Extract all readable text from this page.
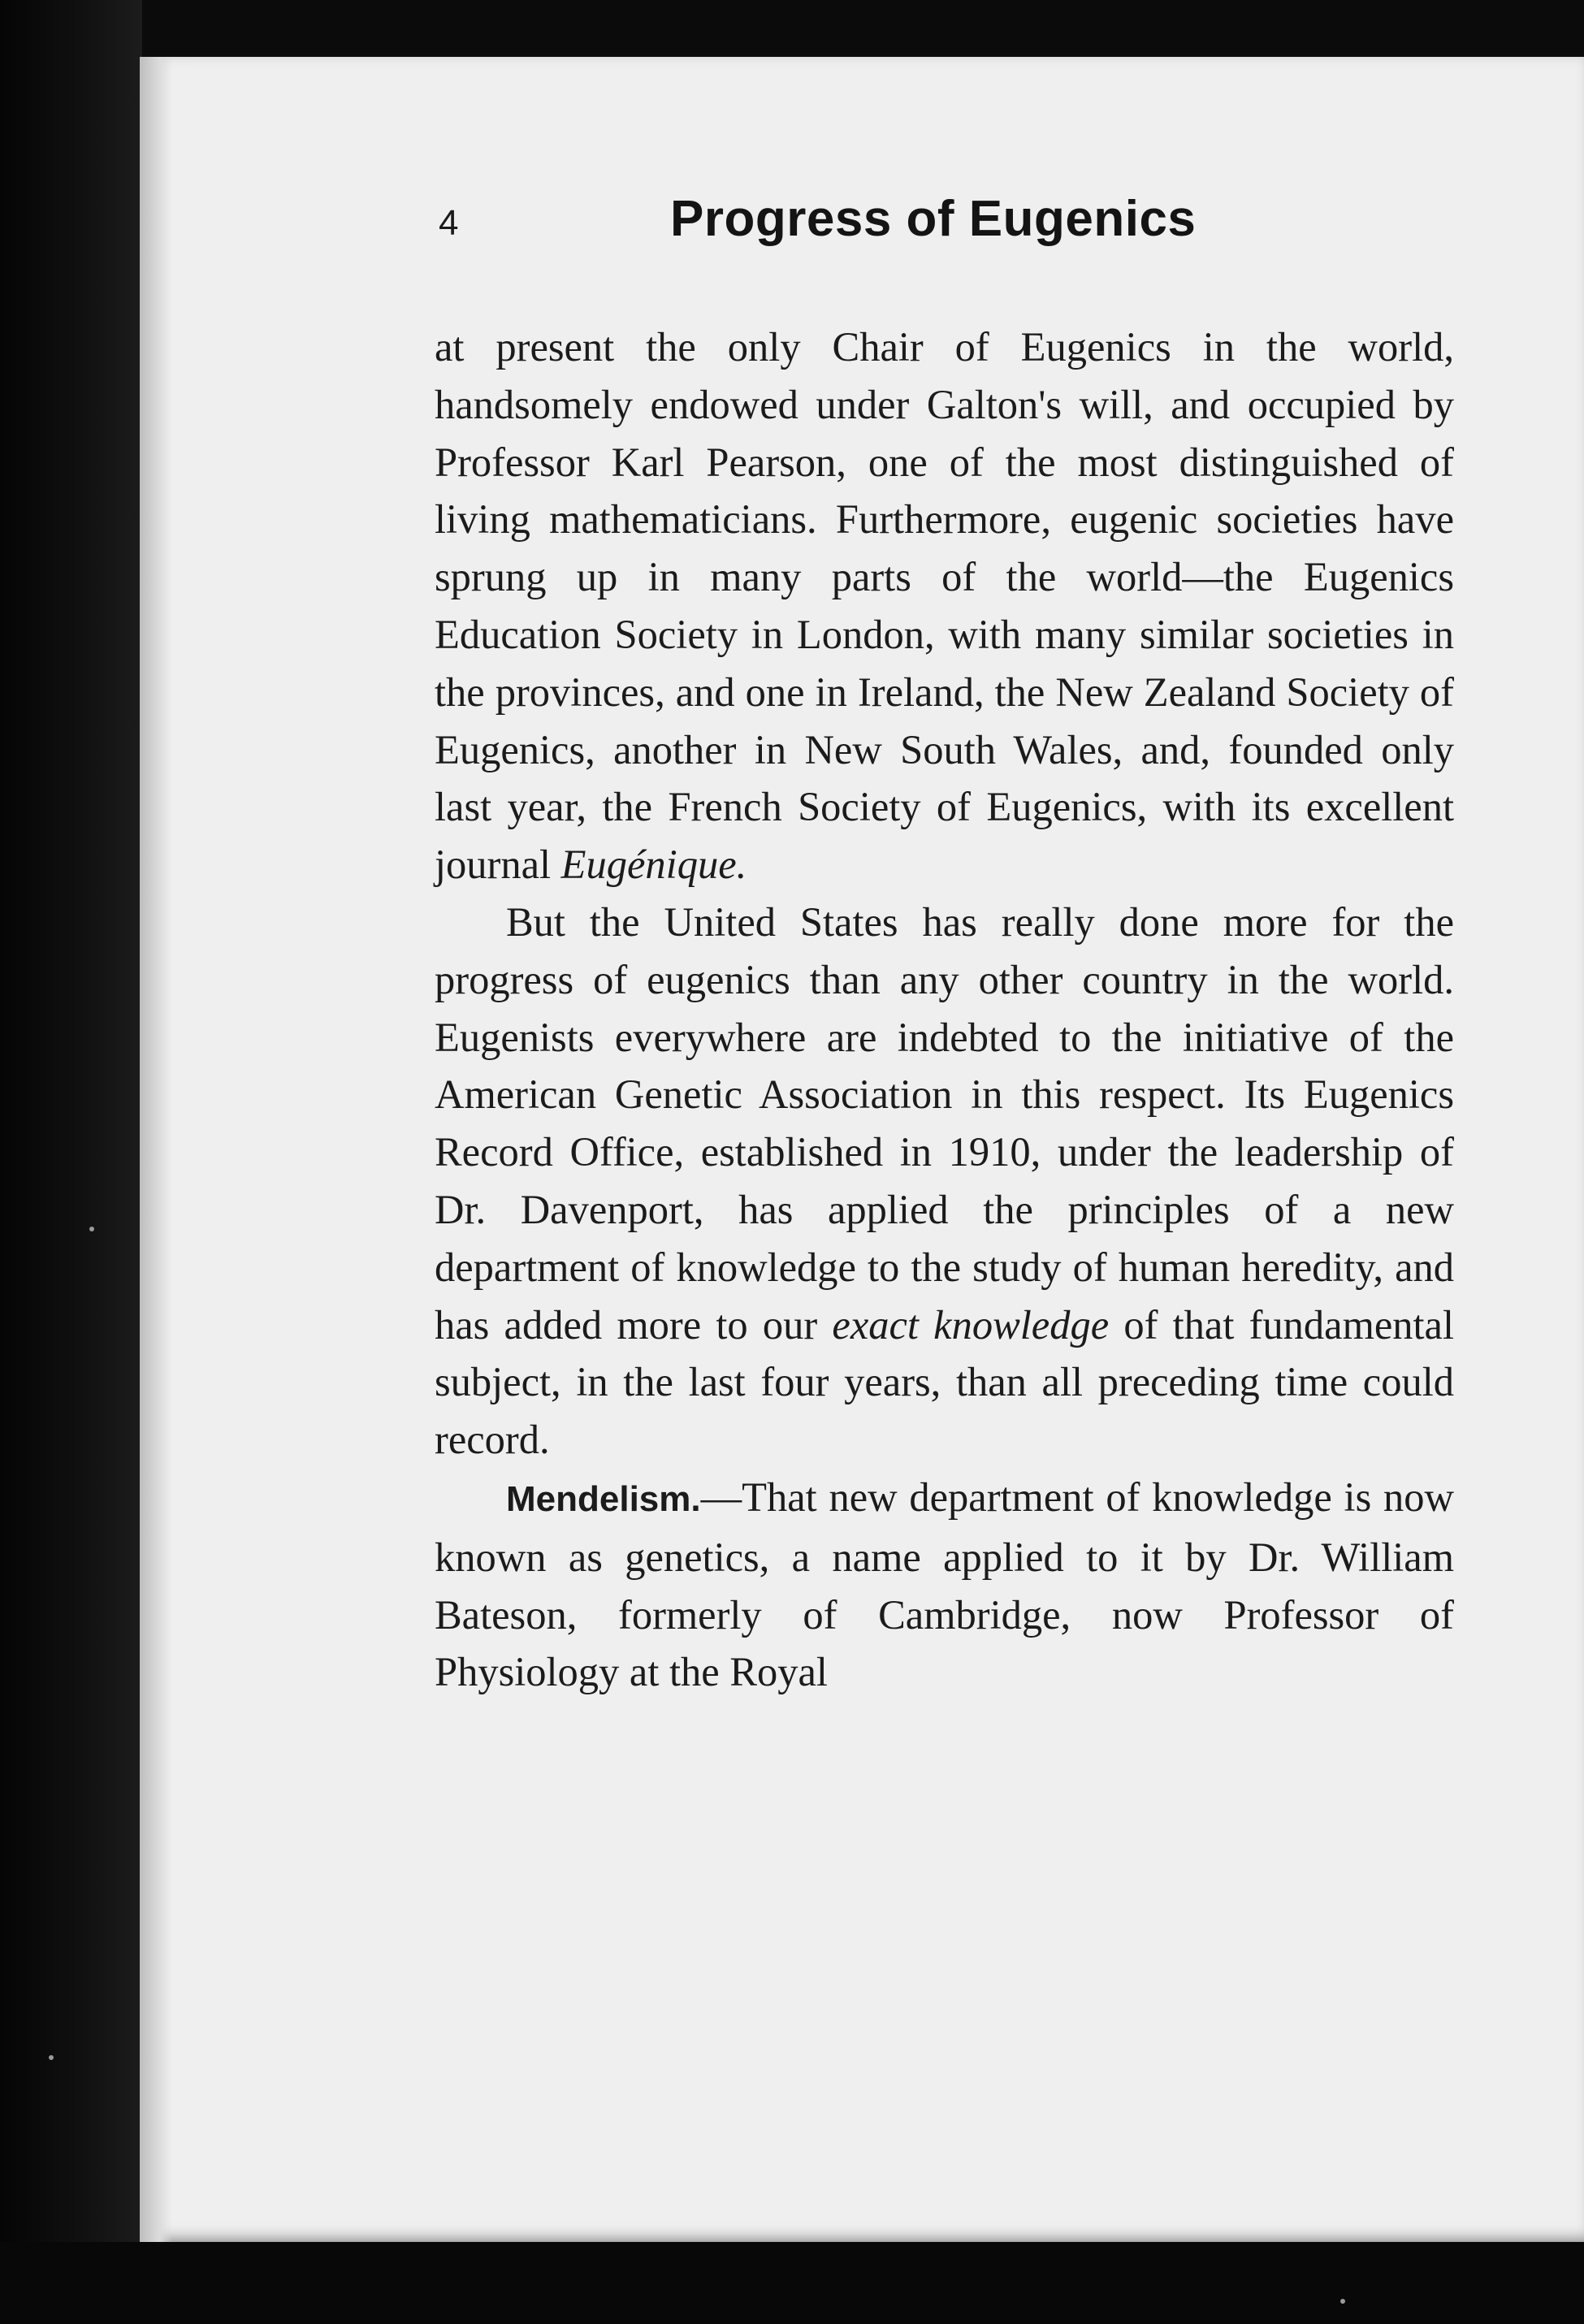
4	Progress of Eugenics

at present the only Chair of Eugenics in the world, handsomely endowed under Galton's will, and occupied by Professor Karl Pearson, one of the most distinguished of living mathematicians. Furthermore, eugenic societies have sprung up in many parts of the world—the Eugenics Education Society in London, with many similar societies in the provinces, and one in Ireland, the New Zealand Society of Eugenics, another in New South Wales, and, founded only last year, the French Society of Eugenics, with its excellent journal Eugénique.

But the United States has really done more for the progress of eugenics than any other country in the world. Eugenists everywhere are indebted to the initiative of the American Genetic Association in this respect. Its Eugenics Record Office, established in 1910, under the leadership of Dr. Davenport, has applied the principles of a new department of knowledge to the study of human heredity, and has added more to our exact knowledge of that fundamental subject, in the last four years, than all preceding time could record.

Mendelism.—That new department of knowledge is now known as genetics, a name applied to it by Dr. William Bateson, formerly of Cambridge, now Professor of Physiology at the Royal
